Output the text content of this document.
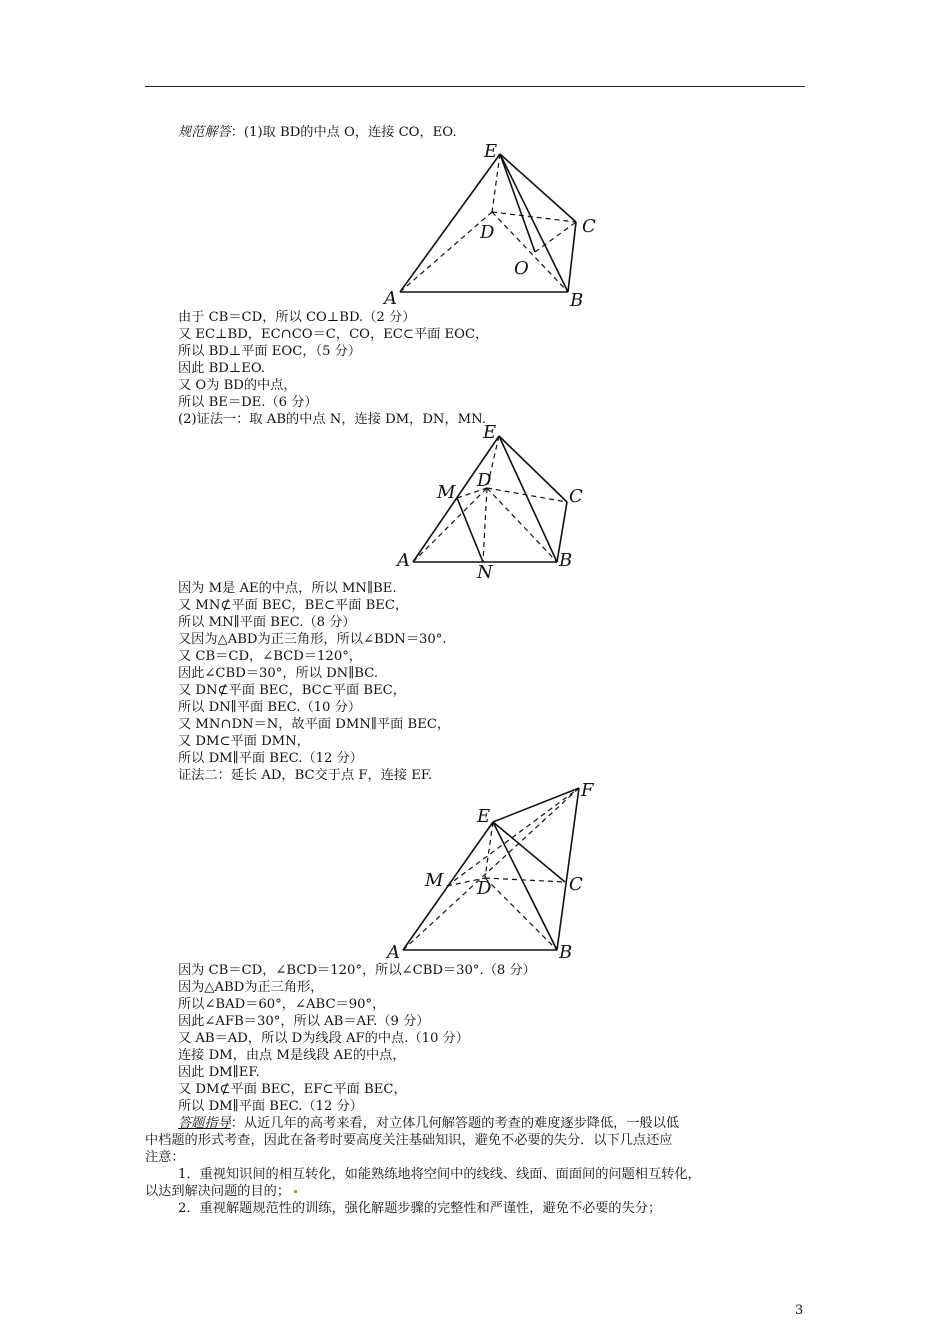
规范解答：(1)取 BD的中点 O，连接 CO，EO.
E
D	C
O
A	B
由于 CB＝CD，所以 CO⊥BD.（2 分）
又 EC⊥BD，EC∩CO＝C，CO，EC⊂平面 EOC，
所以 BD⊥平面 EOC，（5 分）
因此 BD⊥EO.
又 O为 BD的中点，
所以 BE＝DE.（6 分）
(2)证法一：取 AB的中点 N，连接 DM，DN，MN.
E
D
M	C
A
N
B
因为 M是 AE的中点，所以 MN∥BE.
又 MN⊄平面 BEC，BE⊂平面 BEC，
所以 MN∥平面 BEC.（8 分）
又因为△ABD为正三角形，所以∠BDN＝30°.
又 CB＝CD，∠BCD＝120°，
因此∠CBD＝30°，所以 DN∥BC.
又 DN⊄平面 BEC，BC⊂平面 BEC，
所以 DN∥平面 BEC.（10 分）
又 MN∩DN＝N，故平面 DMN∥平面 BEC，
又 DM⊂平面 DMN，
所以 DM∥平面 BEC.（12 分）
证法二：延长 AD，BC交于点 F，连接 EF.
F
E
M D	C
A	B
因为 CB＝CD，∠BCD＝120°，所以∠CBD＝30°.（8 分）
因为△ABD为正三角形，
所以∠BAD＝60°，∠ABC＝90°，
因此∠AFB＝30°，所以 AB＝AF.（9 分）
又 AB＝AD，所以 D为线段 AF的中点.（10 分）
连接 DM，由点 M是线段 AE的中点，
因此 DM∥EF.
又 DM⊄平面 BEC，EF⊂平面 BEC，
所以 DM∥平面 BEC.（12 分）
答题指导：从近几年的高考来看，对立体几何解答题的考查的难度逐步降低，一般以低
中档题的形式考查，因此在备考时要高度关注基础知识，避免不必要的失分．以下几点还应
注意：
1．重视知识间的相互转化，如能熟练地将空间中的线线、线面、面面间的问题相互转化，
以达到解决问题的目的；
2．重视解题规范性的训练，强化解题步骤的完整性和严谨性，避免不必要的失分；
3
